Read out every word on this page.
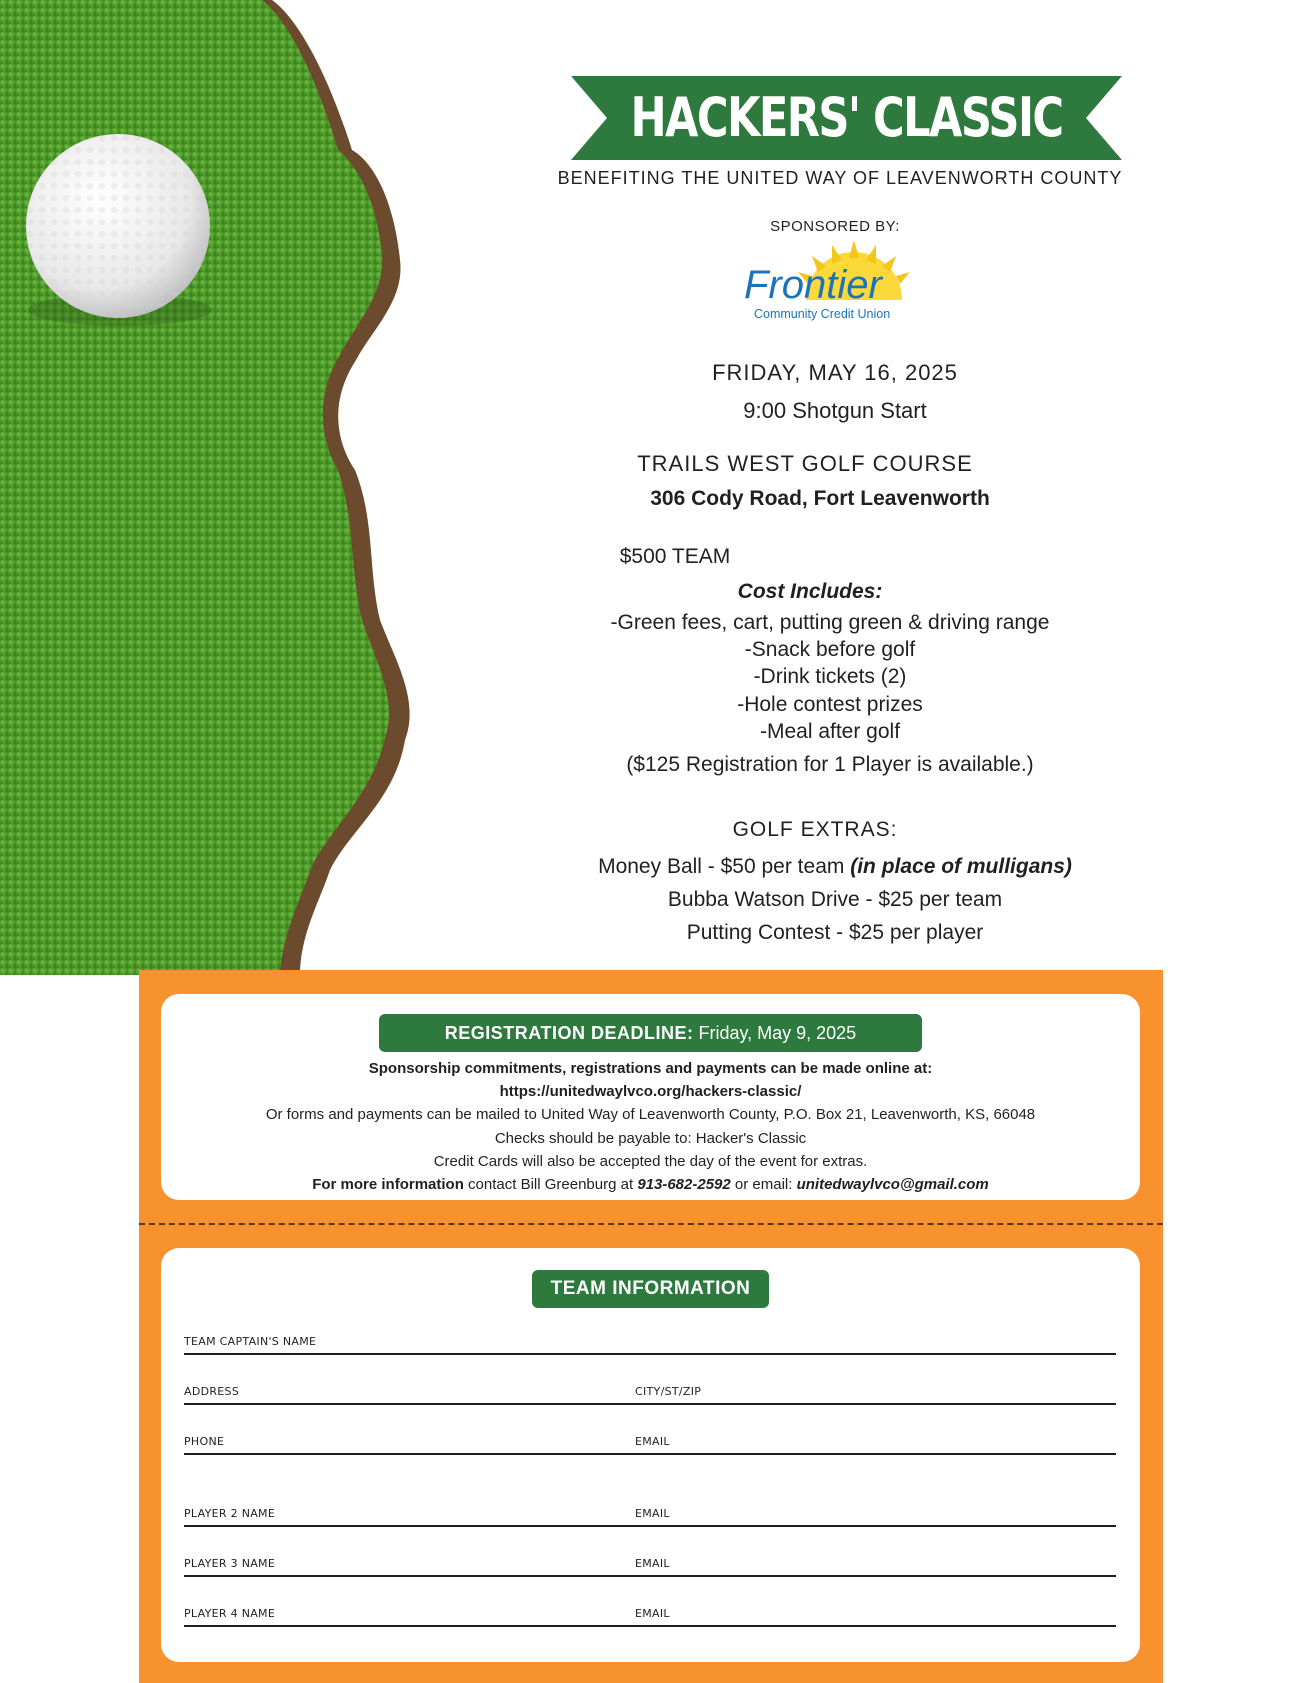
HACKERS' CLASSIC
BENEFITING THE UNITED WAY OF LEAVENWORTH COUNTY
SPONSORED BY:
Frontier
Community Credit Union
FRIDAY, MAY 16, 2025
9:00 Shotgun Start
TRAILS WEST GOLF COURSE
306 Cody Road, Fort Leavenworth
$500 TEAM
Cost Includes:
-Green fees, cart, putting green & driving range
-Snack before golf
-Drink tickets (2)
-Hole contest prizes
-Meal after golf
($125 Registration for 1 Player is available.)
GOLF EXTRAS:
Money Ball - $50 per team (in place of mulligans)
Bubba Watson Drive - $25 per team
Putting Contest - $25 per player
REGISTRATION DEADLINE: Friday, May 9, 2025
Sponsorship commitments, registrations and payments can be made online at:
https://unitedwaylvco.org/hackers-classic/
Or forms and payments can be mailed to United Way of Leavenworth County, P.O. Box 21, Leavenworth, KS, 66048
Checks should be payable to: Hacker's Classic
Credit Cards will also be accepted the day of the event for extras.
For more information contact Bill Greenburg at 913-682-2592 or email: unitedwaylvco@gmail.com
TEAM INFORMATION
TEAM CAPTAIN'S NAME
ADDRESS	CITY/ST/ZIP
PHONE	EMAIL
PLAYER 2 NAME	EMAIL
PLAYER 3 NAME	EMAIL
PLAYER 4 NAME	EMAIL
